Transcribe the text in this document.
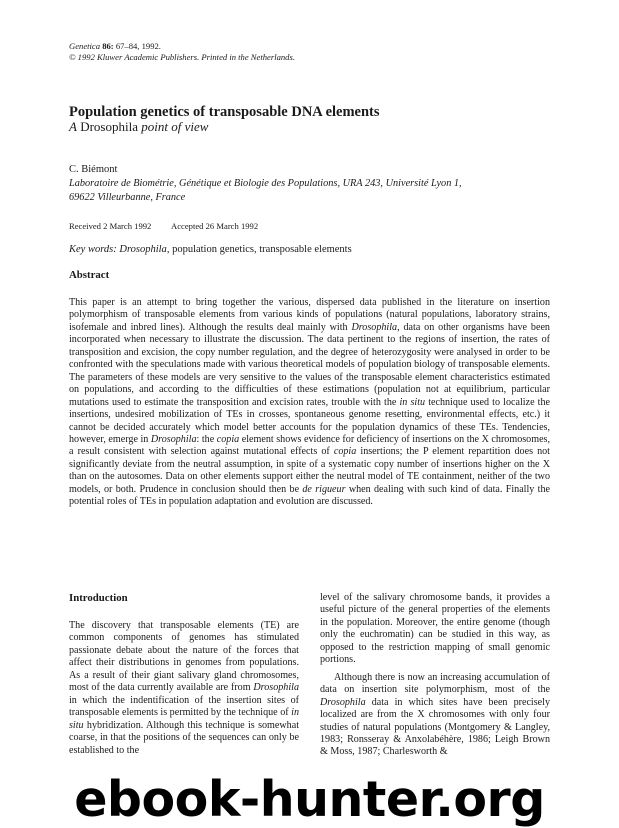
Genetica 86: 67–84, 1992.
© 1992 Kluwer Academic Publishers. Printed in the Netherlands.
Population genetics of transposable DNA elements
A Drosophila point of view
C. Biémont
Laboratoire de Biométrie, Génétique et Biologie des Populations, URA 243, Université Lyon 1,
69622 Villeurbanne, France
Received 2 March 1992 Accepted 26 March 1992
Key words: Drosophila, population genetics, transposable elements
Abstract
This paper is an attempt to bring together the various, dispersed data published in the literature on insertion polymorphism of transposable elements from various kinds of populations (natural populations, laboratory strains, isofemale and inbred lines). Although the results deal mainly with Drosophila, data on other organisms have been incorporated when necessary to illustrate the discussion. The data pertinent to the regions of insertion, the rates of transposition and excision, the copy number regulation, and the degree of heterozygosity were analysed in order to be confronted with the speculations made with various theoretical models of population biology of transposable elements. The parameters of these models are very sensitive to the values of the transposable element characteristics estimated on populations, and according to the difficulties of these estimations (population not at equilibrium, particular mutations used to estimate the transposition and excision rates, trouble with the in situ technique used to localize the insertions, undesired mobilization of TEs in crosses, spontaneous genome resetting, environmental effects, etc.) it cannot be decided accurately which model better accounts for the population dynamics of these TEs. Tendencies, however, emerge in Drosophila: the copia element shows evidence for deficiency of insertions on the X chromosomes, a result consistent with selection against mutational effects of copia insertions; the P element repartition does not significantly deviate from the neutral assumption, in spite of a systematic copy number of insertions higher on the X than on the autosomes. Data on other elements support either the neutral model of TE containment, neither of the two models, or both. Prudence in conclusion should then be de rigueur when dealing with such kind of data. Finally the potential roles of TEs in population adaptation and evolution are discussed.
Introduction

The discovery that transposable elements (TE) are common components of genomes has stimulated passionate debate about the nature of the forces that affect their distributions in genomes from populations. As a result of their giant salivary gland chromosomes, most of the data currently available are from Drosophila in which the indentification of the insertion sites of transposable elements is permitted by the technique of in situ hybridization. Although this technique is somewhat coarse, in that the positions of the sequences can only be established to the

level of the salivary chromosome bands, it provides a useful picture of the general properties of the elements in the population. Moreover, the entire genome (though only the euchromatin) can be studied in this way, as opposed to the restriction mapping of small genomic portions.

Although there is now an increasing accumulation of data on insertion site polymorphism, most of the Drosophila data in which sites have been precisely localized are from the X chromosomes with only four studies of natural populations (Montgomery & Langley, 1983; Ronsseray & Anxolabéhère, 1986; Leigh Brown & Moss, 1987; Charlesworth &

ebook-hunter.org
